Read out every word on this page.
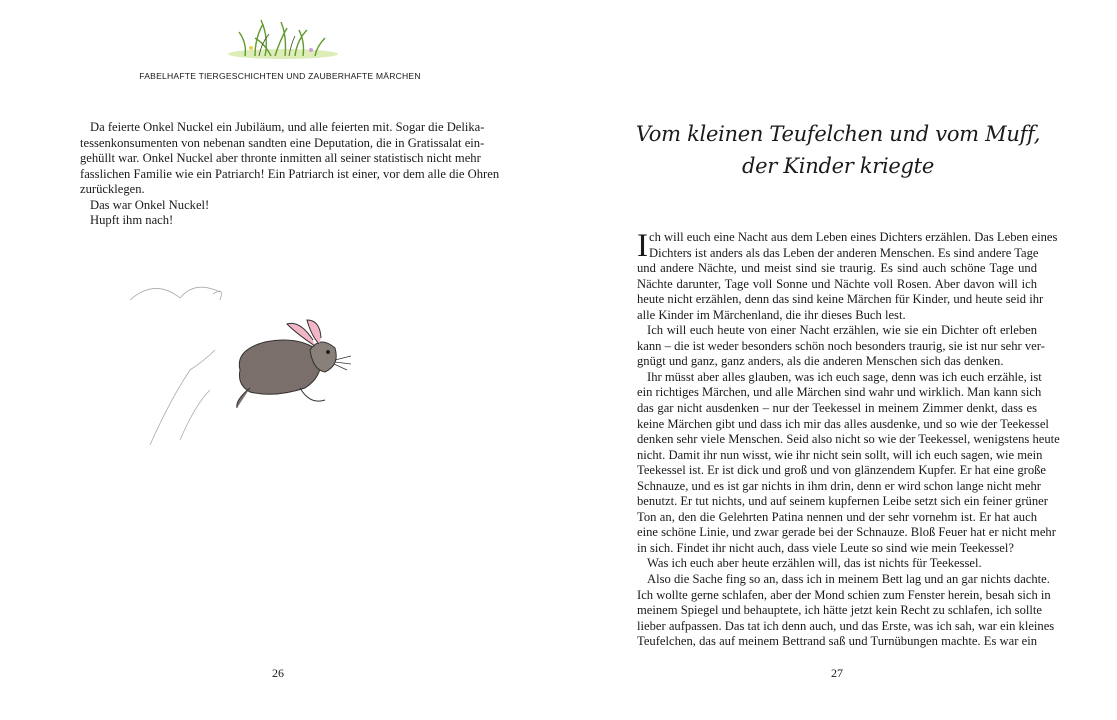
FABELHAFTE TIERGESCHICHTEN UND ZAUBERHAFTE MÄRCHEN
Da feierte Onkel Nuckel ein Jubiläum, und alle feierten mit. Sogar die Delika-
tessenkonsumenten von nebenan sandten eine Deputation, die in Gratissalat ein-
gehüllt war. Onkel Nuckel aber thronte inmitten all seiner statistisch nicht mehr
fasslichen Familie wie ein Patriarch! Ein Patriarch ist einer, vor dem alle die Ohren
zurücklegen.
Das war Onkel Nuckel!
Hupft ihm nach!
26
Vom kleinen Teufelchen und vom Muff,
der Kinder kriegte
I ch will euch eine Nacht aus dem Leben eines Dichters erzählen. Das Leben eines
Dichters ist anders als das Leben der anderen Menschen. Es sind andere Tage
und andere Nächte, und meist sind sie traurig. Es sind auch schöne Tage und
Nächte darunter, Tage voll Sonne und Nächte voll Rosen. Aber davon will ich
heute nicht erzählen, denn das sind keine Märchen für Kinder, und heute seid ihr
alle Kinder im Märchenland, die ihr dieses Buch lest.
Ich will euch heute von einer Nacht erzählen, wie sie ein Dichter oft erleben
kann – die ist weder besonders schön noch besonders traurig, sie ist nur sehr ver-
gnügt und ganz, ganz anders, als die anderen Menschen sich das denken.
Ihr müsst aber alles glauben, was ich euch sage, denn was ich euch erzähle, ist
ein richtiges Märchen, und alle Märchen sind wahr und wirklich. Man kann sich
das gar nicht ausdenken – nur der Teekessel in meinem Zimmer denkt, dass es
keine Märchen gibt und dass ich mir das alles ausdenke, und so wie der Teekessel
denken sehr viele Menschen. Seid also nicht so wie der Teekessel, wenigstens heute
nicht. Damit ihr nun wisst, wie ihr nicht sein sollt, will ich euch sagen, wie mein
Teekessel ist. Er ist dick und groß und von glänzendem Kupfer. Er hat eine große
Schnauze, und es ist gar nichts in ihm drin, denn er wird schon lange nicht mehr
benutzt. Er tut nichts, und auf seinem kupfernen Leibe setzt sich ein feiner grüner
Ton an, den die Gelehrten Patina nennen und der sehr vornehm ist. Er hat auch
eine schöne Linie, und zwar gerade bei der Schnauze. Bloß Feuer hat er nicht mehr
in sich. Findet ihr nicht auch, dass viele Leute so sind wie mein Teekessel?
Was ich euch aber heute erzählen will, das ist nichts für Teekessel.
Also die Sache fing so an, dass ich in meinem Bett lag und an gar nichts dachte.
Ich wollte gerne schlafen, aber der Mond schien zum Fenster herein, besah sich in
meinem Spiegel und behauptete, ich hätte jetzt kein Recht zu schlafen, ich sollte
lieber aufpassen. Das tat ich denn auch, und das Erste, was ich sah, war ein kleines
Teufelchen, das auf meinem Bettrand saß und Turnübungen machte. Es war ein
27
